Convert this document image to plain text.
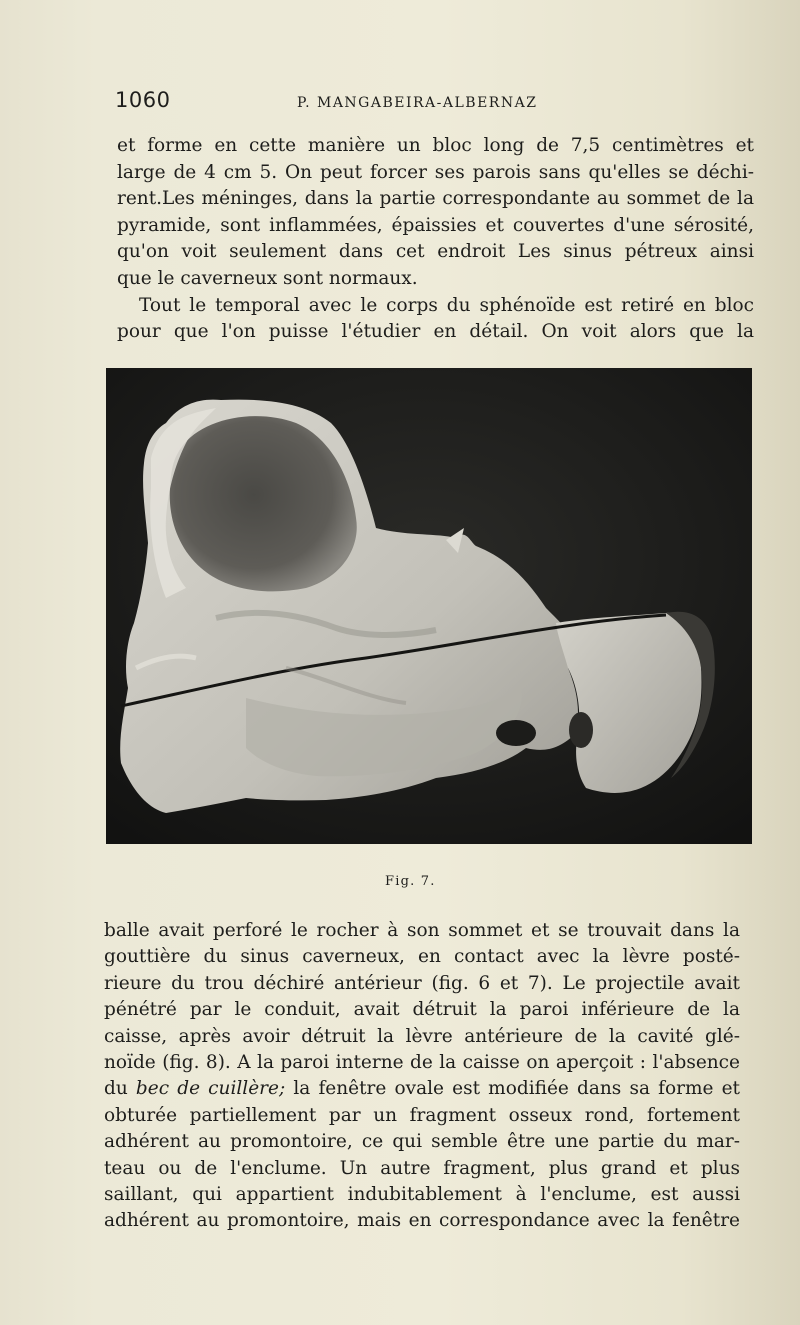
1060	P. MANGABEIRA-ALBERNAZ
et forme en cette manière un bloc long de 7,5 centimètres et
large de 4 cm 5. On peut forcer ses parois sans qu'elles se déchi-
rent.Les méninges, dans la partie correspondante au sommet de la
pyramide, sont inflammées, épaissies et couvertes d'une sérosité,
qu'on voit seulement dans cet endroit Les sinus pétreux ainsi
que le caverneux sont normaux.
Tout le temporal avec le corps du sphénoïde est retiré en bloc
pour que l'on puisse l'étudier en détail. On voit alors que la
Fig. 7.
balle avait perforé le rocher à son sommet et se trouvait dans la
gouttière du sinus caverneux, en contact avec la lèvre posté-
rieure du trou déchiré antérieur (fig. 6 et 7). Le projectile avait
pénétré par le conduit, avait détruit la paroi inférieure de la
caisse, après avoir détruit la lèvre antérieure de la cavité glé-
noïde (fig. 8). A la paroi interne de la caisse on aperçoit : l'absence
du bec de cuillère; la fenêtre ovale est modifiée dans sa forme et
obturée partiellement par un fragment osseux rond, fortement
adhérent au promontoire, ce qui semble être une partie du mar-
teau ou de l'enclume. Un autre fragment, plus grand et plus
saillant, qui appartient indubitablement à l'enclume, est aussi
adhérent au promontoire, mais en correspondance avec la fenêtre
